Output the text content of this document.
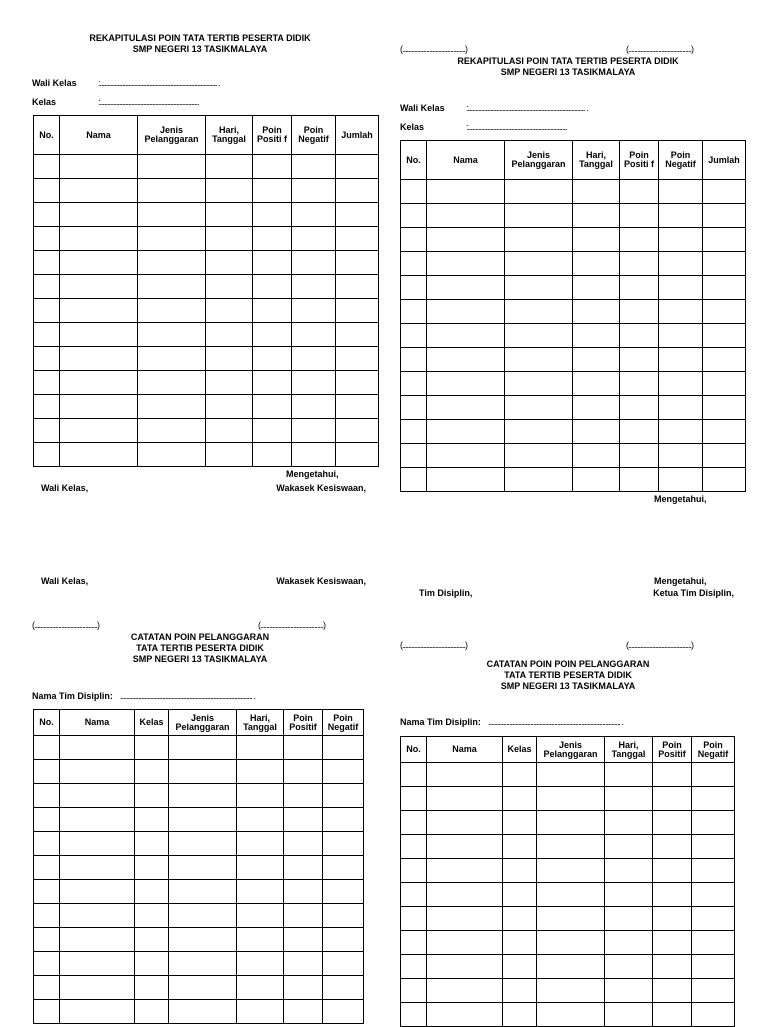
REKAPITULASI POIN TATA TERTIB PESERTA DIDIK
SMP NEGERI 13 TASIKMALAYA
Wali Kelas :.............................................................................. .
Kelas	:..................................................................
No.	Nama	Jenis Pelanggaran	Hari, Tanggal	Poin Positi f	Poin Negatif	Jumlah

Mengetahui,
Wali Kelas,	Wakasek Kesiswaan,
Wali Kelas,	Wakasek Kesiswaan,
(..........................................)	(..........................................)
(..........................................)	(..........................................)
REKAPITULASI POIN TATA TERTIB PESERTA DIDIK
SMP NEGERI 13 TASIKMALAYA
Wali Kelas :.............................................................................. .
Kelas	:..................................................................
No.	Nama	Jenis Pelanggaran	Hari, Tanggal	Poin Positi f	Poin Negatif	Jumlah

Mengetahui,
Mengetahui,
Tim Disiplin,	Ketua Tim Disiplin,
(..........................................)	(..........................................)
CATATAN POIN PELANGGARAN
TATA TERTIB PESERTA DIDIK
SMP NEGERI 13 TASIKMALAYA
Nama Tim Disiplin: ........................................................................................ .
No.	Nama	Kelas	Jenis Pelanggaran	Hari, Tanggal	Poin Positif	Poin Negatif

CATATAN POIN POIN PELANGGARAN
TATA TERTIB PESERTA DIDIK
SMP NEGERI 13 TASIKMALAYA
Nama Tim Disiplin: ........................................................................................ .
No.	Nama	Kelas	Jenis Pelanggaran	Hari, Tanggal	Poin Positif	Poin Negatif
